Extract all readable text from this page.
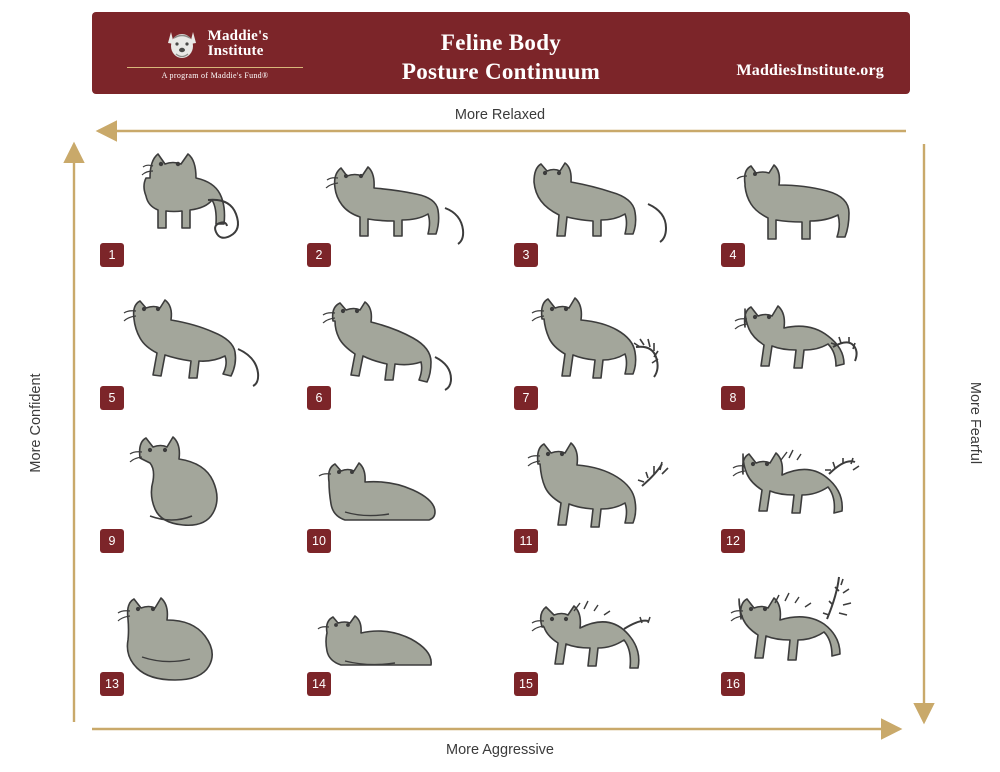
Maddie's
Institute
A program of Maddie's Fund®
Feline Body
Posture Continuum	MaddiesInstitute.org
More Relaxed
More Aggressive
More Confident	More Fearful
1	2	3	4
5	6	7	8
9	10	11	12
13	14	15	16
